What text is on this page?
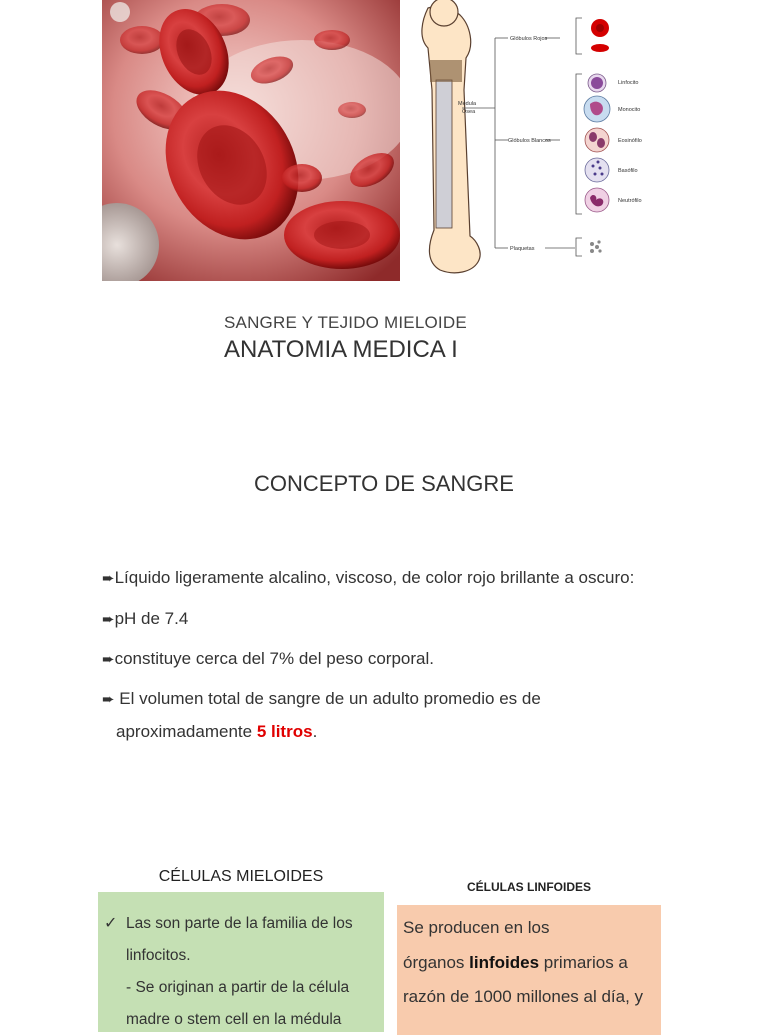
Médula
Ósea
Glóbulos Rojos
Glóbulos Blancos
Plaquetas
Linfocito
Monocito
Eosinófilo
Basófilo
Neutrófilo
SANGRE Y TEJIDO MIELOIDE
ANATOMIA MEDICA I
CONCEPTO DE SANGRE
➨Líquido ligeramente alcalino, viscoso, de color rojo brillante a oscuro:
➨pH de 7.4
➨constituye cerca del 7% del peso corporal.
➨ El volumen total de sangre de un adulto promedio es de
aproximadamente 5 litros.
CÉLULAS MIELOIDES
✓ Las son parte de la familia de los
linfocitos.
- Se originan a partir de la célula
madre o stem cell en la médula
CÉLULAS LINFOIDES
Se producen en los
órganos linfoides primarios a
razón de 1000 millones al día, y
